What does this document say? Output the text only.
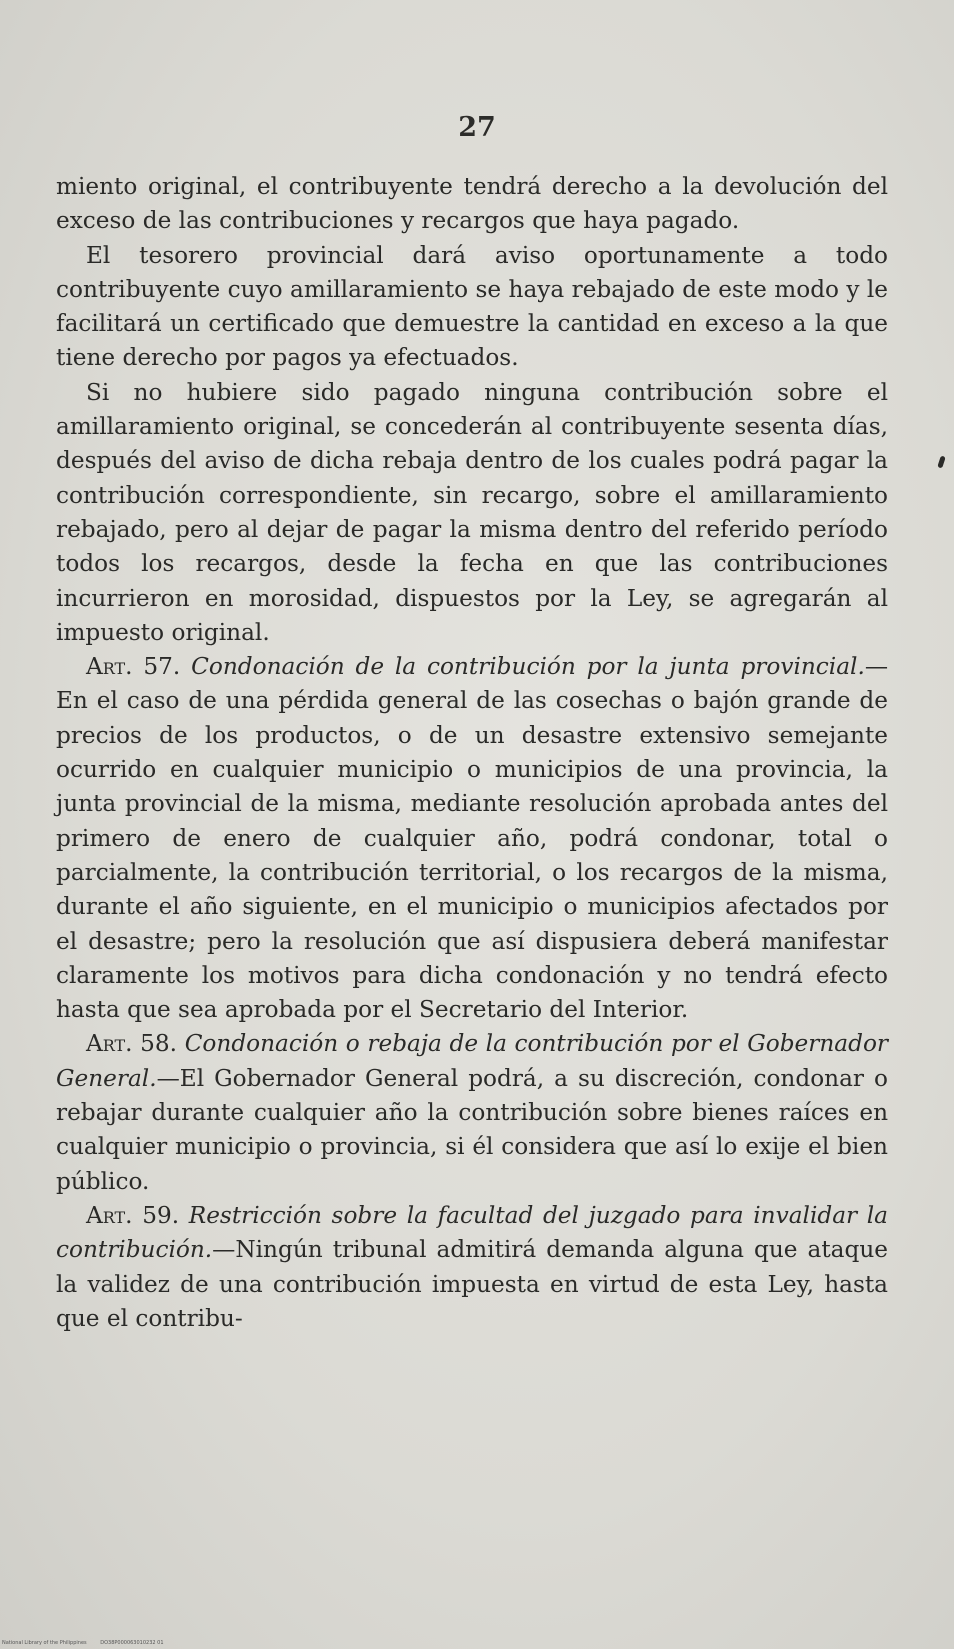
27

miento original, el contribuyente tendrá derecho a la devolución del exceso de las contribuciones y recargos que haya pagado.

El tesorero provincial dará aviso oportunamente a todo contribuyente cuyo amillaramiento se haya rebajado de este modo y le facilitará un certificado que demuestre la cantidad en exceso a la que tiene derecho por pagos ya efectuados.

Si no hubiere sido pagado ninguna contribución sobre el amillaramiento original, se concederán al contribuyente sesenta días, después del aviso de dicha rebaja dentro de los cuales podrá pagar la contribución correspondiente, sin recargo, sobre el amillaramiento rebajado, pero al dejar de pagar la misma dentro del referido período todos los recargos, desde la fecha en que las contribuciones incurrieron en morosidad, dispuestos por la Ley, se agregarán al impuesto original.

Art. 57. Condonación de la contribución por la junta provincial.—En el caso de una pérdida general de las cosechas o bajón grande de precios de los productos, o de un desastre extensivo semejante ocurrido en cualquier municipio o municipios de una provincia, la junta provincial de la misma, mediante resolución aprobada antes del primero de enero de cualquier año, podrá condonar, total o parcialmente, la contribución territorial, o los recargos de la misma, durante el año siguiente, en el municipio o municipios afectados por el desastre; pero la resolución que así dispusiera deberá manifestar claramente los motivos para dicha condonación y no tendrá efecto hasta que sea aprobada por el Secretario del Interior.

Art. 58. Condonación o rebaja de la contribución por el Gobernador General.—El Gobernador General podrá, a su discreción, condonar o rebajar durante cualquier año la contribución sobre bienes raíces en cualquier municipio o provincia, si él considera que así lo exije el bien público.

Art. 59. Restricción sobre la facultad del juzgado para invalidar la contribución.—Ningún tribunal admitirá demanda alguna que ataque la validez de una contribución impuesta en virtud de esta Ley, hasta que el contribu-

National Library of the Philippines	DO38P000063010232 01
